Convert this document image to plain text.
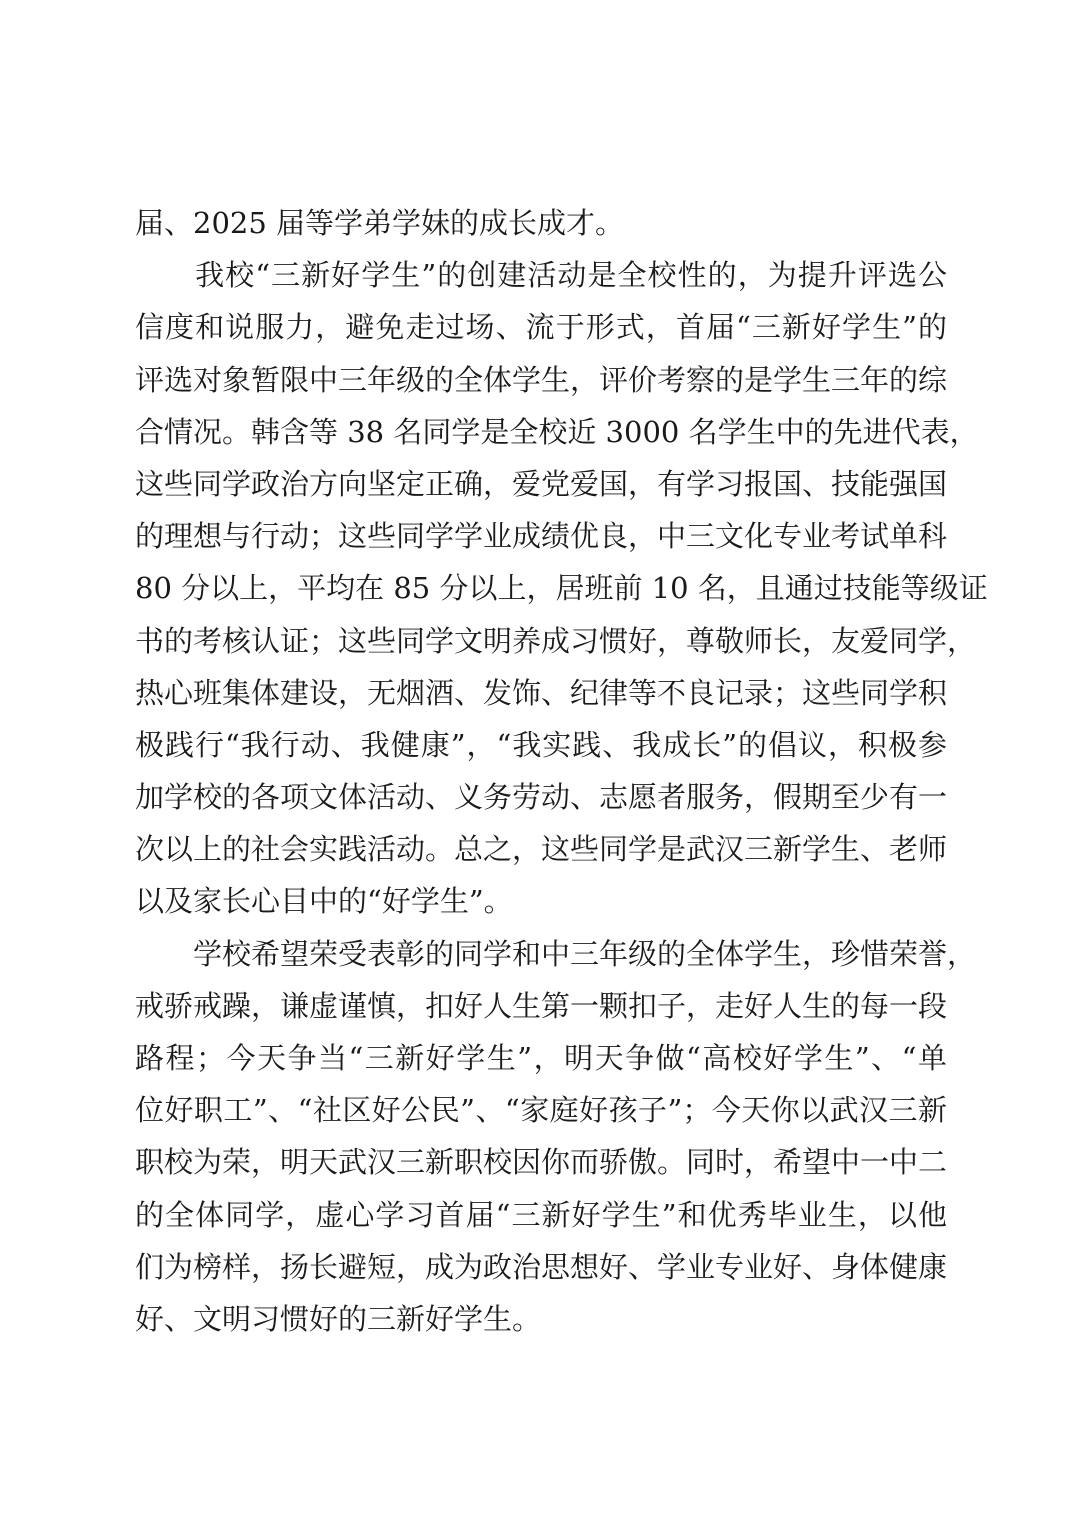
届、2025 届等学弟学妹的成长成才。
　　我校“三新好学生”的创建活动是全校性的，为提升评选公
信度和说服力，避免走过场、流于形式，首届“三新好学生”的
评选对象暂限中三年级的全体学生，评价考察的是学生三年的综
合情况。韩含等 38 名同学是全校近 3000 名学生中的先进代表，
这些同学政治方向坚定正确，爱党爱国，有学习报国、技能强国
的理想与行动；这些同学学业成绩优良，中三文化专业考试单科
80 分以上，平均在 85 分以上，居班前 10 名，且通过技能等级证
书的考核认证；这些同学文明养成习惯好，尊敬师长，友爱同学，
热心班集体建设，无烟酒、发饰、纪律等不良记录；这些同学积
极践行“我行动、我健康”，“我实践、我成长”的倡议，积极参
加学校的各项文体活动、义务劳动、志愿者服务，假期至少有一
次以上的社会实践活动。总之，这些同学是武汉三新学生、老师
以及家长心目中的“好学生”。
　　学校希望荣受表彰的同学和中三年级的全体学生，珍惜荣誉，
戒骄戒躁，谦虚谨慎，扣好人生第一颗扣子，走好人生的每一段
路程；今天争当“三新好学生”，明天争做“高校好学生”、“单
位好职工”、“社区好公民”、“家庭好孩子”；今天你以武汉三新
职校为荣，明天武汉三新职校因你而骄傲。同时，希望中一中二
的全体同学，虚心学习首届“三新好学生”和优秀毕业生，以他
们为榜样，扬长避短，成为政治思想好、学业专业好、身体健康
好、文明习惯好的三新好学生。
